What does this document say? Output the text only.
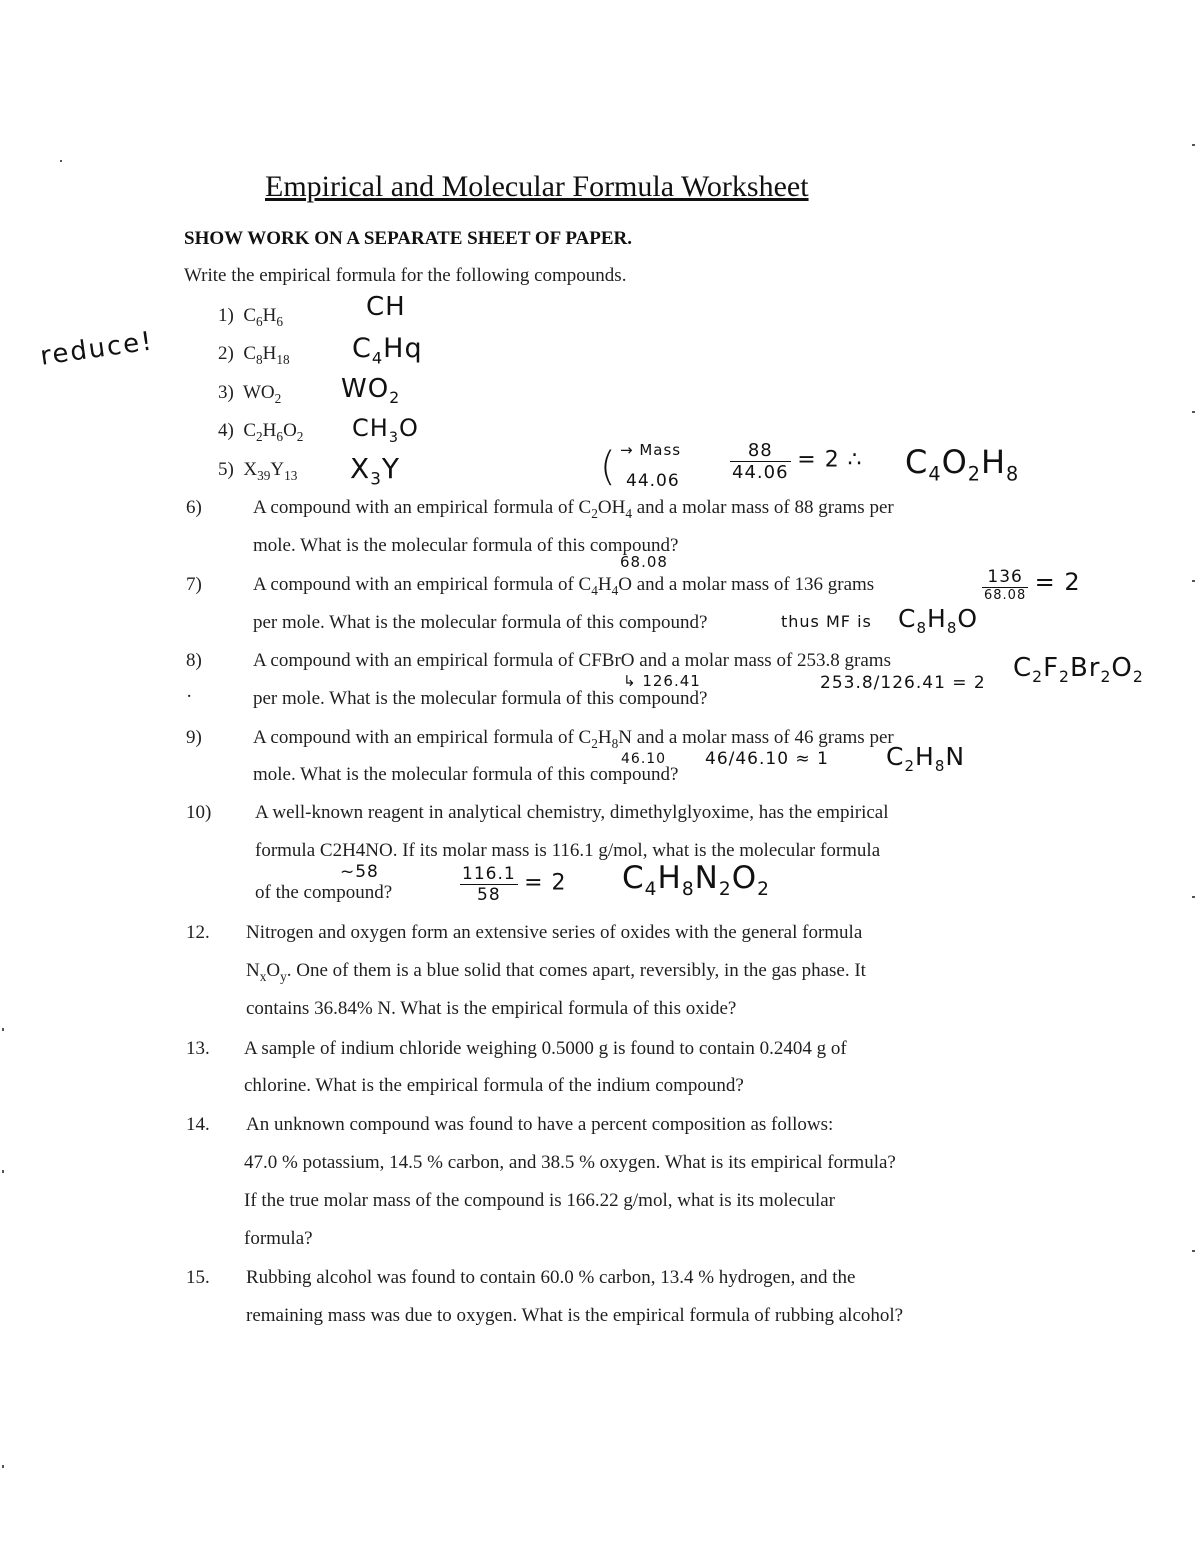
Empirical and Molecular Formula Worksheet
SHOW WORK ON A SEPARATE SHEET OF PAPER.
Write the empirical formula for the following compounds.
reduce!
1) $C_6H_6$	CH
2) $C_8H_{18}$ $C_4Hq$
3) $WO_2$ $WO_2$
4) $C_2H_6O_2$ $CH_3O$
5) $X_{39}Y_{13}$ $X_3Y$	( → Mass
44.06	$\frac{88}{44.06} = 2$ ∴ $C_4O_2H_8$
6)	A compound with an empirical formula of $C_2OH_4$ and a molar mass of 88 grams per
mole. What is the molecular formula of this compound?
68.08
7)	A compound with an empirical formula of $C_4H_4O$ and a molar mass of 136 grams	$\frac{136}{68.08} = 2$
per mole. What is the molecular formula of this compound?	thus MF is $C_8H_8O$
8)	A compound with an empirical formula of CFBrO and a molar mass of 253.8 grams
↳ 126.41	253.8/126.41 = 2 $C_2F_2Br_2O_2$
·	per mole. What is the molecular formula of this compound?
9)	A compound with an empirical formula of $C_2H_8N$ and a molar mass of 46 grams per
46.10 46/46.10 ≈ 1 $C_2H_8N$
mole. What is the molecular formula of this compound?
10) A well-known reagent in analytical chemistry, dimethylglyoxime, has the empirical
formula C2H4NO. If its molar mass is 116.1 g/mol, what is the molecular formula
~58	$\frac{116.1}{58} = 2$ $C_4H_8N_2O_2$
of the compound?
12. Nitrogen and oxygen form an extensive series of oxides with the general formula
$N_xO_y$. One of them is a blue solid that comes apart, reversibly, in the gas phase. It
contains 36.84% N. What is the empirical formula of this oxide?
13. A sample of indium chloride weighing 0.5000 g is found to contain 0.2404 g of
chlorine. What is the empirical formula of the indium compound?
14. An unknown compound was found to have a percent composition as follows:
47.0 % potassium, 14.5 % carbon, and 38.5 % oxygen. What is its empirical formula?
If the true molar mass of the compound is 166.22 g/mol, what is its molecular
formula?
15. Rubbing alcohol was found to contain 60.0 % carbon, 13.4 % hydrogen, and the
remaining mass was due to oxygen. What is the empirical formula of rubbing alcohol?
